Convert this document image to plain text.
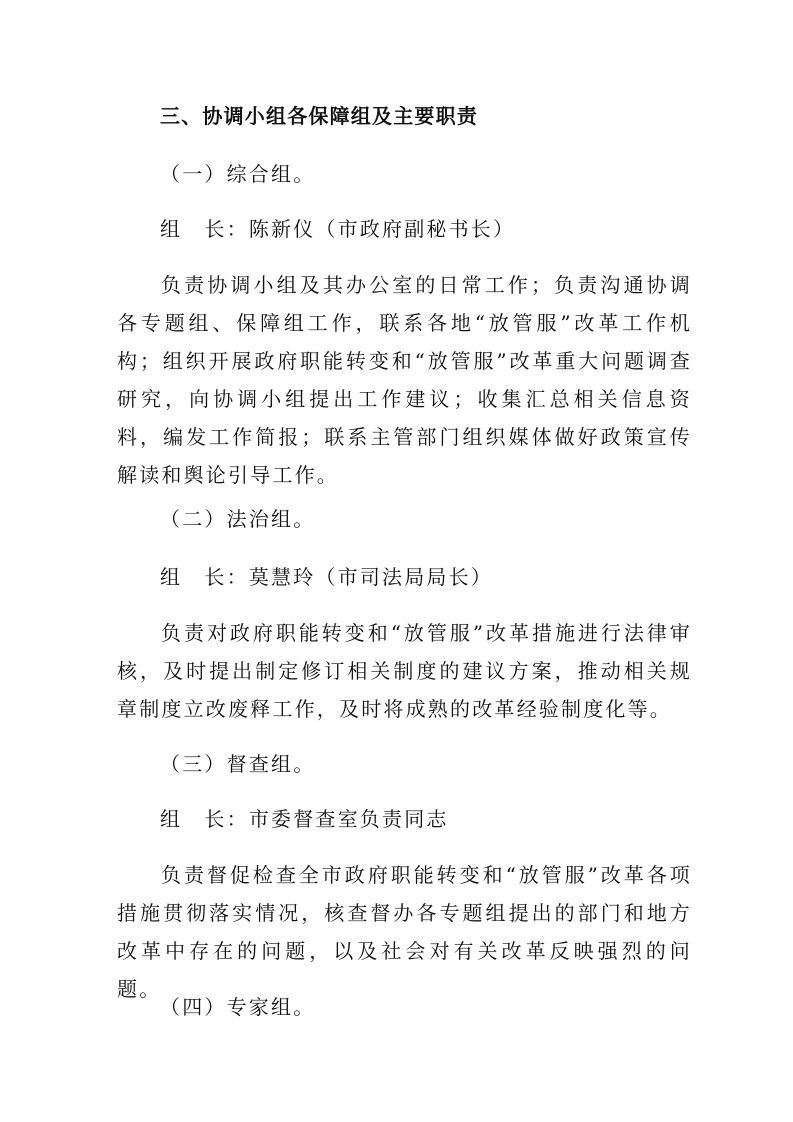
三、协调小组各保障组及主要职责
（一）综合组。
组　长：陈新仪（市政府副秘书长）
负责协调小组及其办公室的日常工作；负责沟通协调各专题组、保障组工作，联系各地“放管服”改革工作机构；组织开展政府职能转变和“放管服”改革重大问题调查研究，向协调小组提出工作建议；收集汇总相关信息资料，编发工作简报；联系主管部门组织媒体做好政策宣传解读和舆论引导工作。
（二）法治组。
组　长：莫慧玲（市司法局局长）
负责对政府职能转变和“放管服”改革措施进行法律审核，及时提出制定修订相关制度的建议方案，推动相关规章制度立改废释工作，及时将成熟的改革经验制度化等。
（三）督查组。
组　长：市委督查室负责同志
负责督促检查全市政府职能转变和“放管服”改革各项措施贯彻落实情况，核查督办各专题组提出的部门和地方改革中存在的问题，以及社会对有关改革反映强烈的问题。
（四）专家组。
